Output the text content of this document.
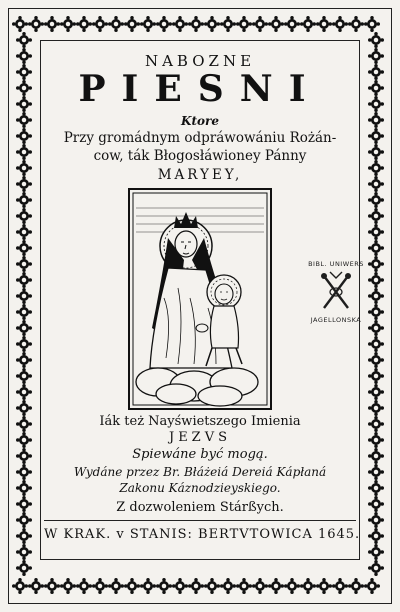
NABOZNE
PIESNI
Ktore
Przy gromádnym odpráwowániu Rożán-
cow, ták Błogosłáwioney Pánny
MARYEY,
Iák też Nayświetszego Imienia
JEZVS
Spiewáne być mogą.
Wydáne przez Br. Błáżeiá Dereiá Kápłaná
Zakonu Káznodzieyskiego.
Z dozwoleniem Stárßych.
W KRAK. v STANIS: BERTVTOWICA 1645.
BIBL. UNIWERS
JAGELLONSKA
